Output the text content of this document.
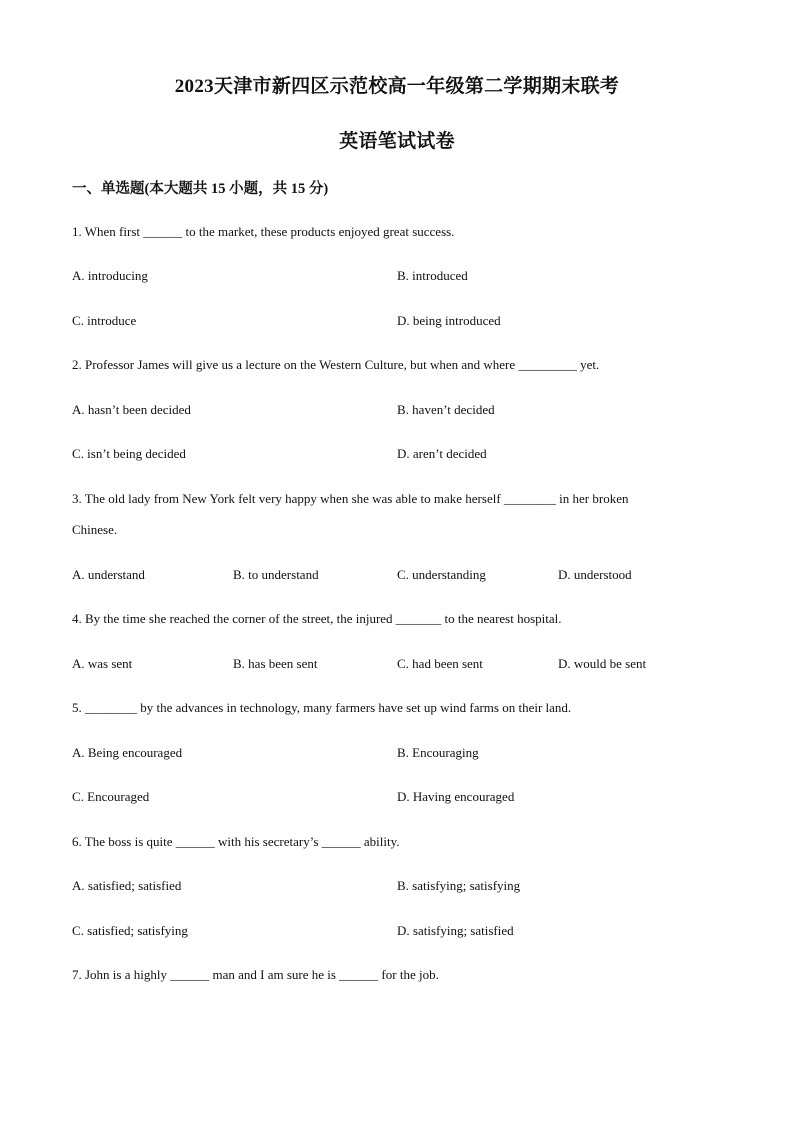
2023天津市新四区示范校高一年级第二学期期末联考
英语笔试试卷
一、单选题(本大题共 15 小题，共 15 分)
1. When first ______ to the market, these products enjoyed great success.
A. introducing	B. introduced
C. introduce	D. being introduced
2. Professor James will give us a lecture on the Western Culture, but when and where _________ yet.
A. hasn’t been decided	B. haven’t decided
C. isn’t being decided	D. aren’t decided
3. The old lady from New York felt very happy when she was able to make herself ________ in her broken
Chinese.
A. understand	B. to understand	C. understanding	D. understood
4. By the time she reached the corner of the street, the injured _______ to the nearest hospital.
A. was sent	B. has been sent	C. had been sent	D. would be sent
5. ________ by the advances in technology, many farmers have set up wind farms on their land.
A. Being encouraged	B. Encouraging
C. Encouraged	D. Having encouraged
6. The boss is quite ______ with his secretary’s ______ ability.
A. satisfied; satisfied	B. satisfying; satisfying
C. satisfied; satisfying	D. satisfying; satisfied
7. John is a highly ______ man and I am sure he is ______ for the job.
